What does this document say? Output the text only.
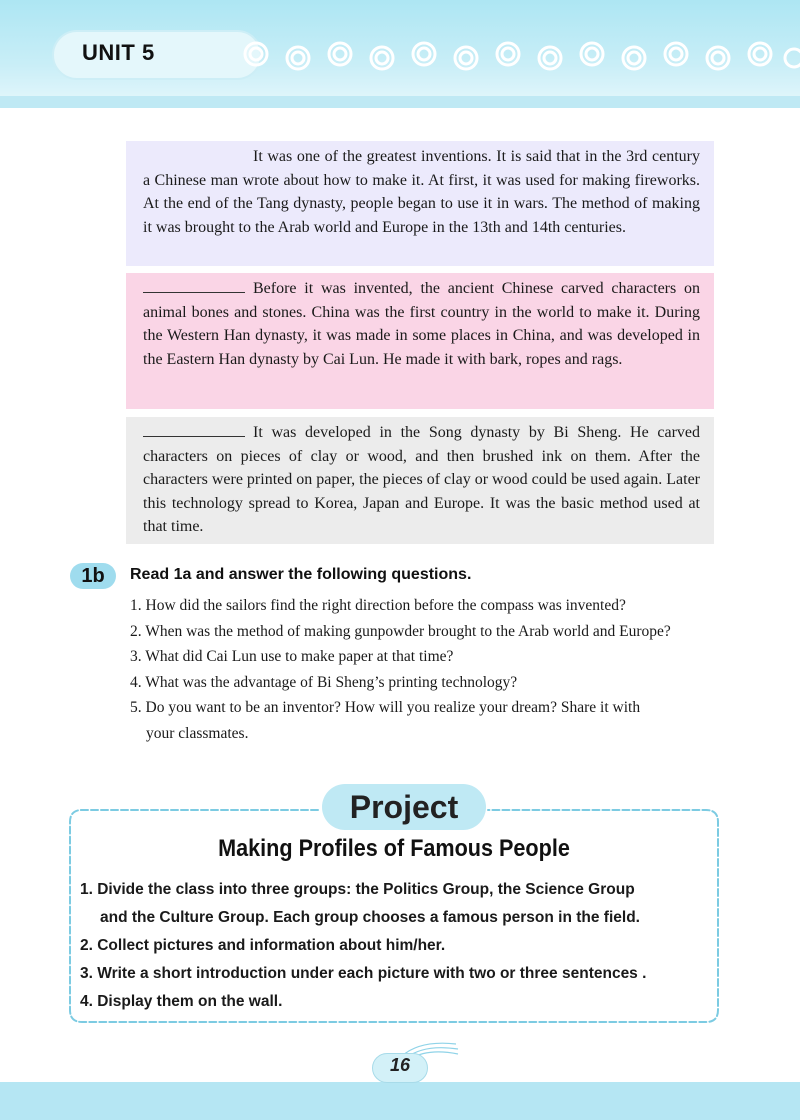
UNIT 5
It was one of the greatest inventions. It is said that in the 3rd century a Chinese man wrote about how to make it. At first, it was used for making fireworks. At the end of the Tang dynasty, people began to use it in wars. The method of making it was brought to the Arab world and Europe in the 13th and 14th centuries.
Before it was invented, the ancient Chinese carved characters on animal bones and stones. China was the first country in the world to make it. During the Western Han dynasty, it was made in some places in China, and was developed in the Eastern Han dynasty by Cai Lun. He made it with bark, ropes and rags.
It was developed in the Song dynasty by Bi Sheng. He carved characters on pieces of clay or wood, and then brushed ink on them. After the characters were printed on paper, the pieces of clay or wood could be used again. Later this technology spread to Korea, Japan and Europe. It was the basic method used at that time.
1b	Read 1a and answer the following questions.
1. How did the sailors find the right direction before the compass was invented?
2. When was the method of making gunpowder brought to the Arab world and Europe?
3. What did Cai Lun use to make paper at that time?
4. What was the advantage of Bi Sheng’s printing technology?
5. Do you want to be an inventor? How will you realize your dream? Share it with
your classmates.
Project
Making Profiles of Famous People
1. Divide the class into three groups: the Politics Group, the Science Group
and the Culture Group. Each group chooses a famous person in the field.
2. Collect pictures and information about him/her.
3. Write a short introduction under each picture with two or three sentences .
4. Display them on the wall.
16
